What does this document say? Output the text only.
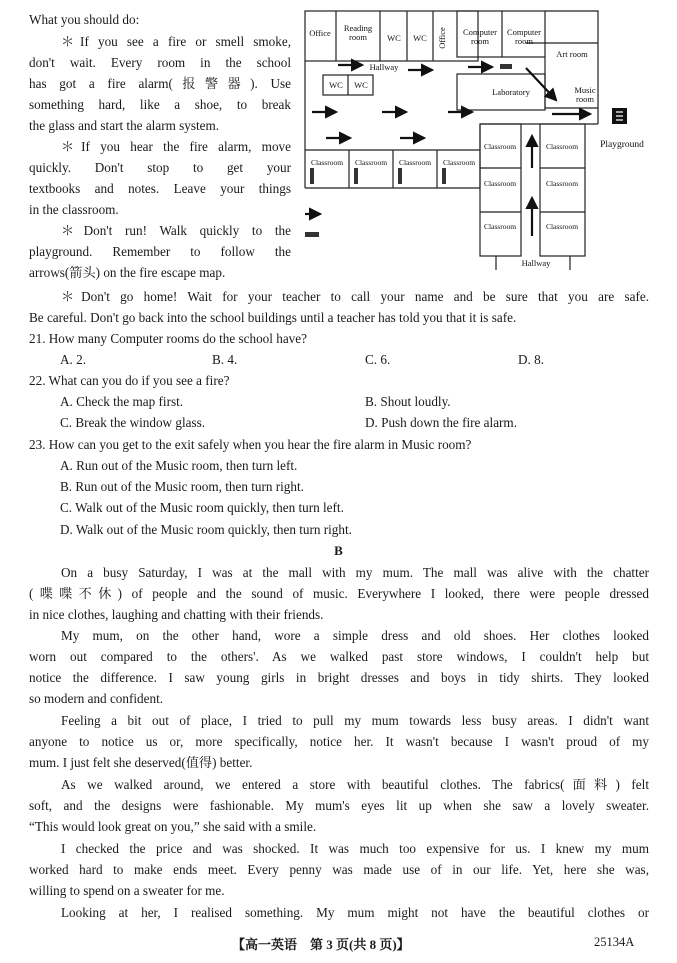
What you should do:
＊If you see a fire or smell smoke,
don't wait. Every room in the school
has got a fire alarm(报警器). Use
something hard, like a shoe, to break
the glass and start the alarm system.
＊If you hear the fire alarm, move
quickly. Don't stop to get your
textbooks and notes. Leave your things
in the classroom.
＊Don't run! Walk quickly to the
playground. Remember to follow the
arrows(箭头) on the fire escape map.
Office Reading
room WC WC Office Computer
room
Computer
room
Art room
Hallway
WC WC
Laboratory	Music
room
Classroom Classroom Classroom Classroom
Classroom	Classroom
Classroom	Classroom
Classroom	Classroom
Hallway
Playground
＊Don't go home! Wait for your teacher to call your name and be sure that you are safe.
Be careful. Don't go back into the school buildings until a teacher has told you that it is safe.
21. How many Computer rooms do the school have?
A. 2.	B. 4.	C. 6.	D. 8.
22. What can you do if you see a fire?
A. Check the map first.	B. Shout loudly.
C. Break the window glass.	D. Push down the fire alarm.
23. How can you get to the exit safely when you hear the fire alarm in Music room?
A. Run out of the Music room, then turn left.
B. Run out of the Music room, then turn right.
C. Walk out of the Music room quickly, then turn left.
D. Walk out of the Music room quickly, then turn right.
B
On a busy Saturday, I was at the mall with my mum. The mall was alive with the chatter
(喋喋不休) of people and the sound of music. Everywhere I looked, there were people dressed
in nice clothes, laughing and chatting with their friends.
My mum, on the other hand, wore a simple dress and old shoes. Her clothes looked
worn out compared to the others'. As we walked past store windows, I couldn't help but
notice the difference. I saw young girls in bright dresses and boys in tidy shirts. They looked
so modern and confident.
Feeling a bit out of place, I tried to pull my mum towards less busy areas. I didn't want
anyone to notice us or, more specifically, notice her. It wasn't because I wasn't proud of my
mum. I just felt she deserved(值得) better.
As we walked around, we entered a store with beautiful clothes. The fabrics(面料) felt
soft, and the designs were fashionable. My mum's eyes lit up when she saw a lovely sweater.
“This would look great on you,” she said with a smile.
I checked the price and was shocked. It was much too expensive for us. I knew my mum
worked hard to make ends meet. Every penny was made use of in our life. Yet, here she was,
willing to spend on a sweater for me.
Looking at her, I realised something. My mum might not have the beautiful clothes or
【高一英语　第 3 页(共 8 页)】	25134A
